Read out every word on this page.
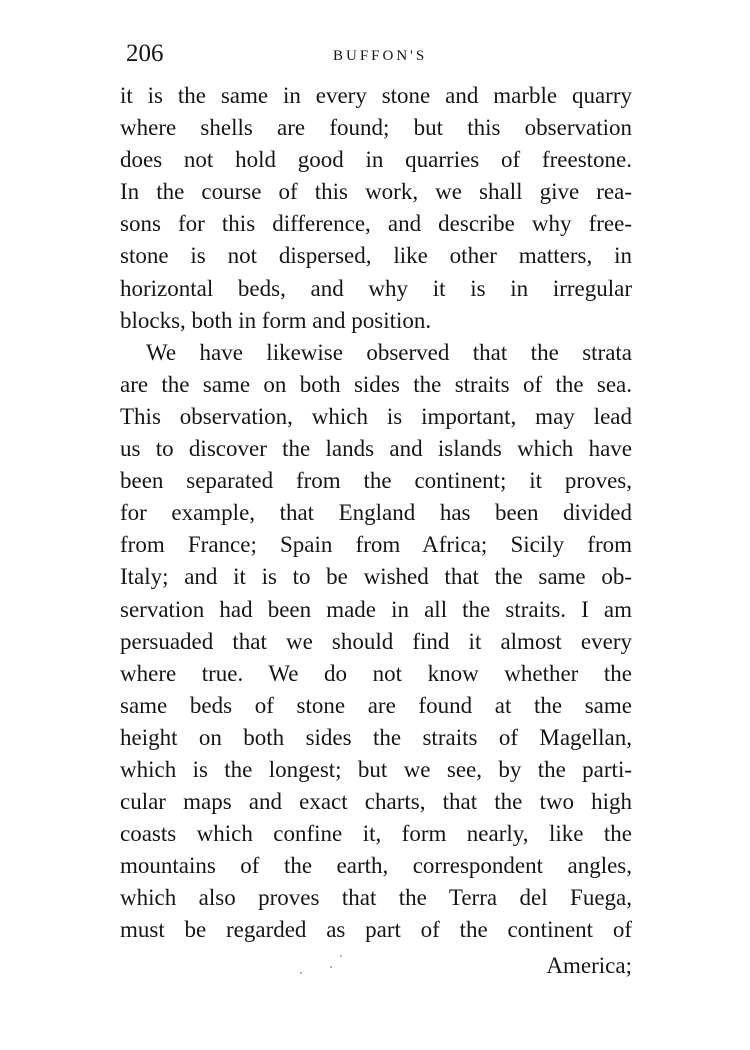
206	BUFFON'S
it is the same in every stone and marble quarry
where shells are found; but this observation
does not hold good in quarries of freestone.
In the course of this work, we shall give rea-
sons for this difference, and describe why free-
stone is not dispersed, like other matters, in
horizontal beds, and why it is in irregular
blocks, both in form and position.
We have likewise observed that the strata
are the same on both sides the straits of the sea.
This observation, which is important, may lead
us to discover the lands and islands which have
been separated from the continent; it proves,
for example, that England has been divided
from France; Spain from Africa; Sicily from
Italy; and it is to be wished that the same ob-
servation had been made in all the straits. I am
persuaded that we should find it almost every
where true. We do not know whether the
same beds of stone are found at the same
height on both sides the straits of Magellan,
which is the longest; but we see, by the parti-
cular maps and exact charts, that the two high
coasts which confine it, form nearly, like the
mountains of the earth, correspondent angles,
which also proves that the Terra del Fuega,
must be regarded as part of the continent of
America;
